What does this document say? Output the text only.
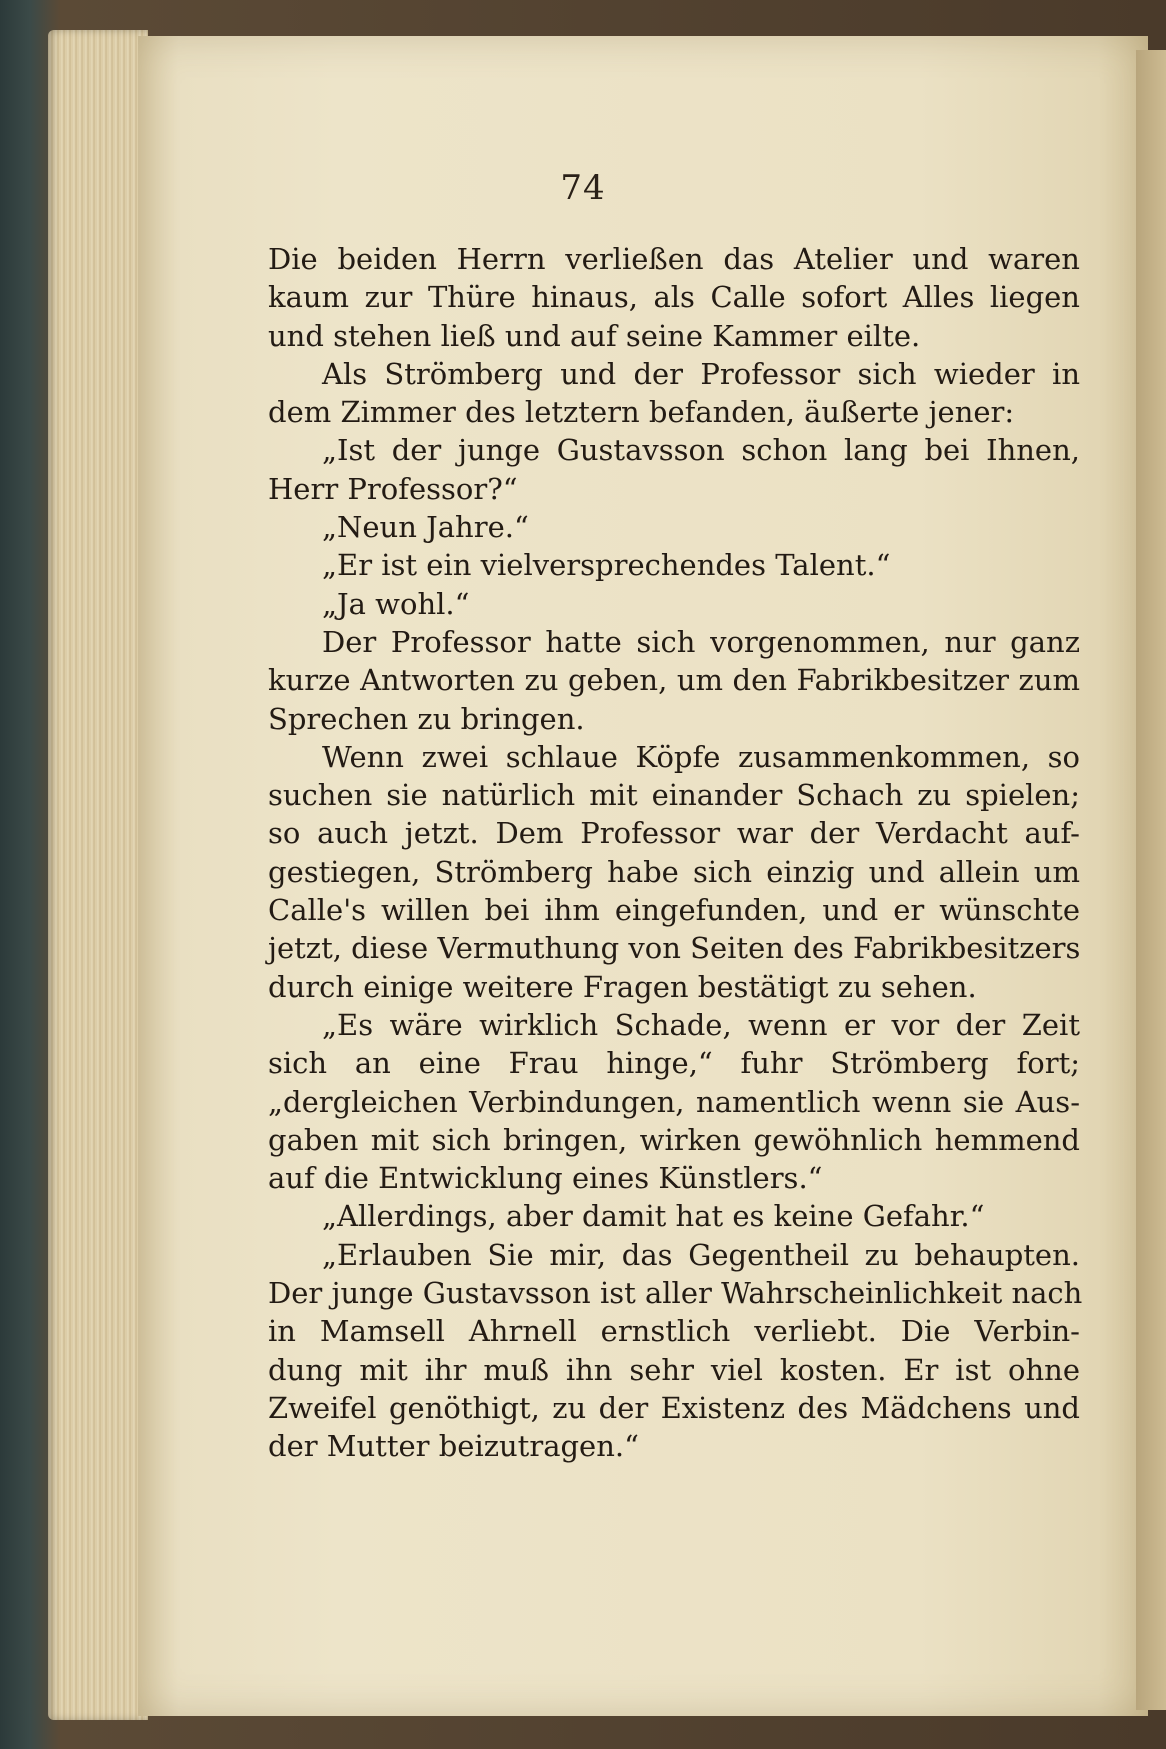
74
Die beiden Herrn verließen das Atelier und waren
kaum zur Thüre hinaus, als Calle sofort Alles liegen
und stehen ließ und auf seine Kammer eilte.
Als Strömberg und der Professor sich wieder in
dem Zimmer des letztern befanden, äußerte jener:
„Ist der junge Gustavsson schon lang bei Ihnen,
Herr Professor?“
„Neun Jahre.“
„Er ist ein vielversprechendes Talent.“
„Ja wohl.“
Der Professor hatte sich vorgenommen, nur ganz
kurze Antworten zu geben, um den Fabrikbesitzer zum
Sprechen zu bringen.
Wenn zwei schlaue Köpfe zusammenkommen, so
suchen sie natürlich mit einander Schach zu spielen;
so auch jetzt. Dem Professor war der Verdacht auf-
gestiegen, Strömberg habe sich einzig und allein um
Calle's willen bei ihm eingefunden, und er wünschte
jetzt, diese Vermuthung von Seiten des Fabrikbesitzers
durch einige weitere Fragen bestätigt zu sehen.
„Es wäre wirklich Schade, wenn er vor der Zeit
sich an eine Frau hinge,“ fuhr Strömberg fort;
„dergleichen Verbindungen, namentlich wenn sie Aus-
gaben mit sich bringen, wirken gewöhnlich hemmend
auf die Entwicklung eines Künstlers.“
„Allerdings, aber damit hat es keine Gefahr.“
„Erlauben Sie mir, das Gegentheil zu behaupten.
Der junge Gustavsson ist aller Wahrscheinlichkeit nach
in Mamsell Ahrnell ernstlich verliebt. Die Verbin-
dung mit ihr muß ihn sehr viel kosten. Er ist ohne
Zweifel genöthigt, zu der Existenz des Mädchens und
der Mutter beizutragen.“
